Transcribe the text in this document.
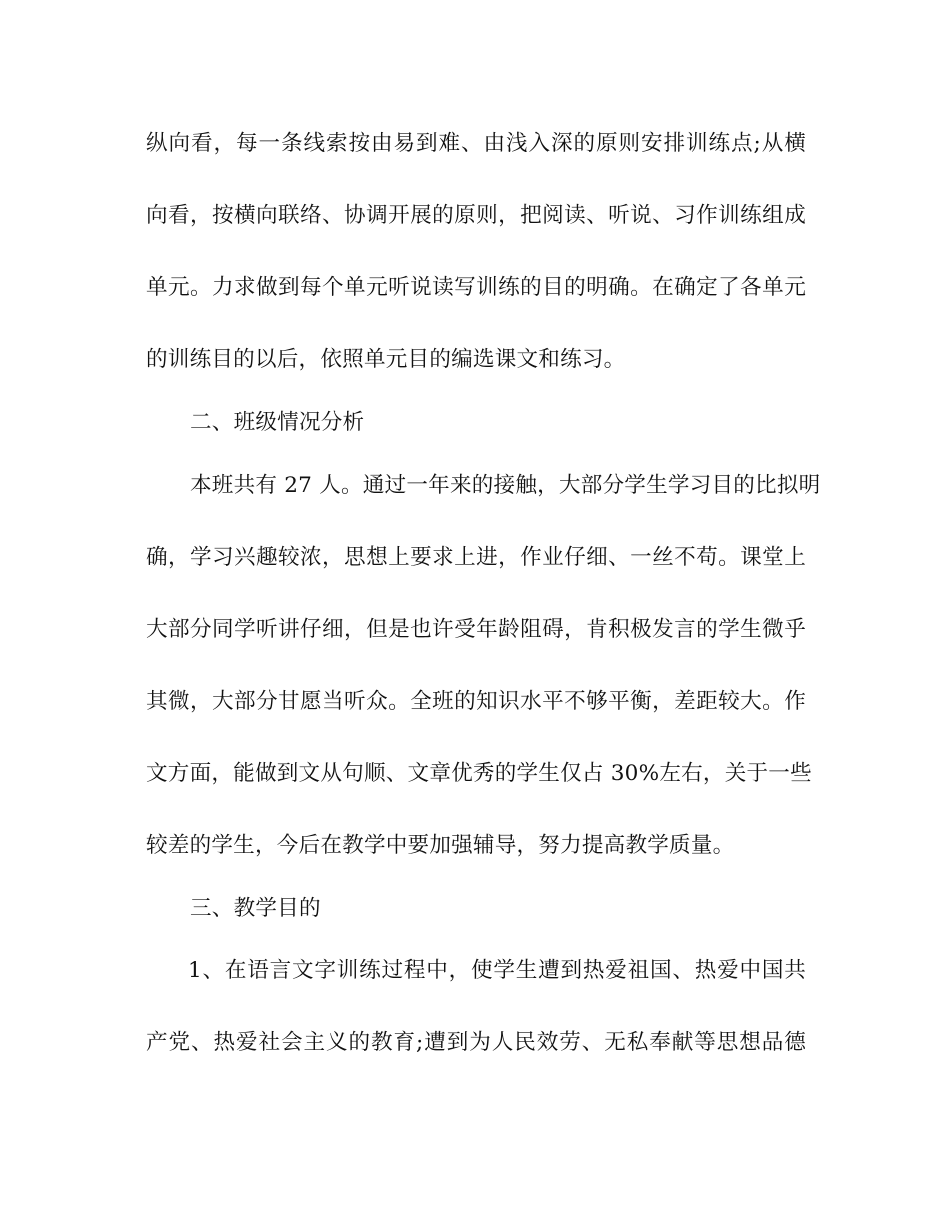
纵向看，每一条线索按由易到难、由浅入深的原则安排训练点;从横
向看，按横向联络、协调开展的原则，把阅读、听说、习作训练组成
单元。力求做到每个单元听说读写训练的目的明确。在确定了各单元
的训练目的以后，依照单元目的编选课文和练习。
二、班级情况分析
本班共有 27 人。通过一年来的接触，大部分学生学习目的比拟明
确，学习兴趣较浓，思想上要求上进，作业仔细、一丝不苟。课堂上
大部分同学听讲仔细，但是也许受年龄阻碍，肯积极发言的学生微乎
其微，大部分甘愿当听众。全班的知识水平不够平衡，差距较大。作
文方面，能做到文从句顺、文章优秀的学生仅占 30%左右，关于一些
较差的学生，今后在教学中要加强辅导，努力提高教学质量。
三、教学目的
1、在语言文字训练过程中，使学生遭到热爱祖国、热爱中国共
产党、热爱社会主义的教育;遭到为人民效劳、无私奉献等思想品德
